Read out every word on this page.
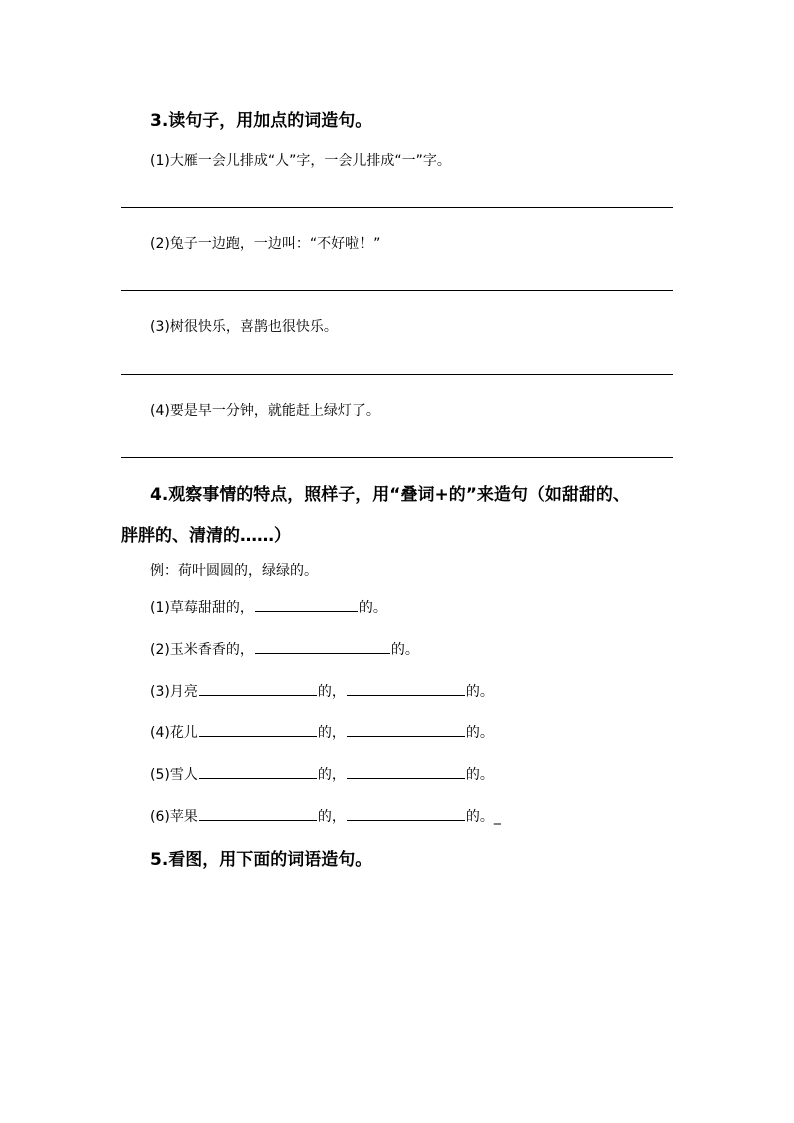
3.读句子，用加点的词造句。
(1)大雁一会儿排成“人”字，一会儿排成“一”字。
(2)兔子一边跑，一边叫：“不好啦！”
(3)树很快乐，喜鹊也很快乐。
(4)要是早一分钟，就能赶上绿灯了。
4.观察事情的特点，照样子，用“叠词+的”来造句（如甜甜的、
胖胖的、清清的……）
例：荷叶圆圆的，绿绿的。
(1)草莓甜甜的，	的。
(2)玉米香香的，	的。
(3)月亮	的，	的。
(4)花儿	的，	的。
(5)雪人	的，	的。
(6)苹果	的，	的。_
5.看图，用下面的词语造句。
